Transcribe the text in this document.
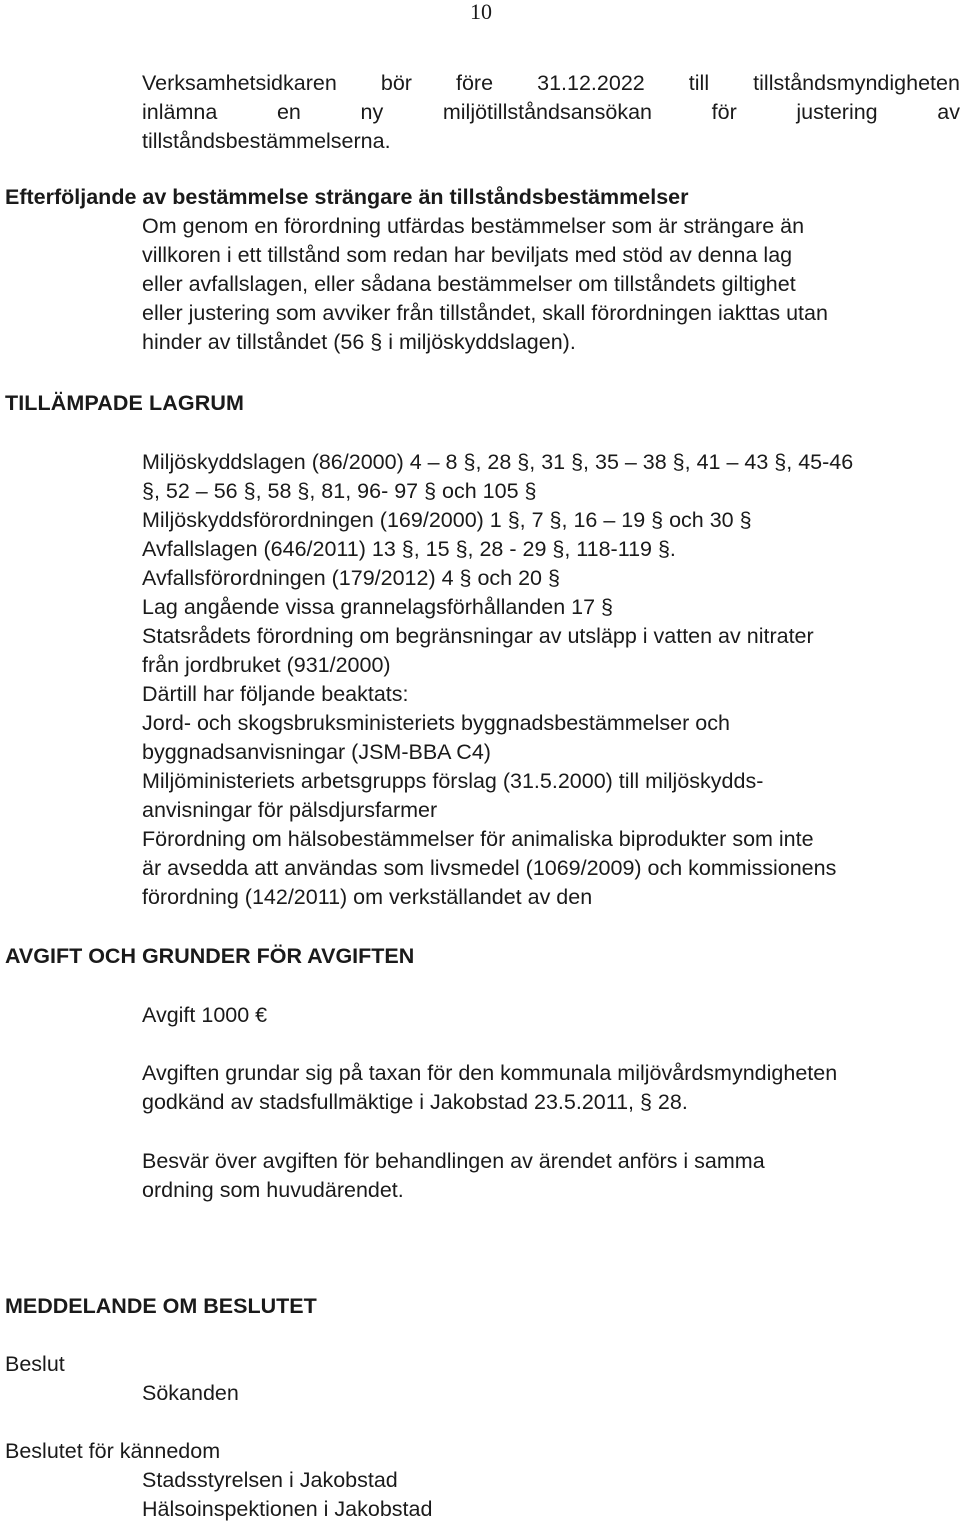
10
Verksamhetsidkaren bör före 31.12.2022 till tillståndsmyndigheten
inlämna	en	ny	miljötillståndsansökan	för	justering	av
tillståndsbestämmelserna.
Efterföljande av bestämmelse strängare än tillståndsbestämmelser
Om genom en förordning utfärdas bestämmelser som är strängare än
villkoren i ett tillstånd som redan har beviljats med stöd av denna lag
eller avfallslagen, eller sådana bestämmelser om tillståndets giltighet
eller justering som avviker från tillståndet, skall förordningen iakttas utan
hinder av tillståndet (56 § i miljöskyddslagen).
TILLÄMPADE LAGRUM
Miljöskyddslagen (86/2000) 4 – 8 §, 28 §, 31 §, 35 – 38 §, 41 – 43 §, 45-46
§, 52 – 56 §, 58 §, 81, 96- 97 § och 105 §
Miljöskyddsförordningen (169/2000) 1 §, 7 §, 16 – 19 § och 30 §
Avfallslagen (646/2011) 13 §, 15 §, 28 - 29 §, 118-119 §.
Avfallsförordningen (179/2012) 4 § och 20 §
Lag angående vissa grannelagsförhållanden 17 §
Statsrådets förordning om begränsningar av utsläpp i vatten av nitrater
från jordbruket (931/2000)
Därtill har följande beaktats:
Jord- och skogsbruksministeriets byggnadsbestämmelser och
byggnadsanvisningar (JSM-BBA C4)
Miljöministeriets arbetsgrupps förslag (31.5.2000) till miljöskydds-
anvisningar för pälsdjursfarmer
Förordning om hälsobestämmelser för animaliska biprodukter som inte
är avsedda att användas som livsmedel (1069/2009) och kommissionens
förordning (142/2011) om verkställandet av den
AVGIFT OCH GRUNDER FÖR AVGIFTEN
Avgift 1000 €
Avgiften grundar sig på taxan för den kommunala miljövårdsmyndigheten
godkänd av stadsfullmäktige i Jakobstad 23.5.2011, § 28.
Besvär över avgiften för behandlingen av ärendet anförs i samma
ordning som huvudärendet.
MEDDELANDE OM BESLUTET
Beslut
Sökanden
Beslutet för kännedom
Stadsstyrelsen i Jakobstad
Hälsoinspektionen i Jakobstad
